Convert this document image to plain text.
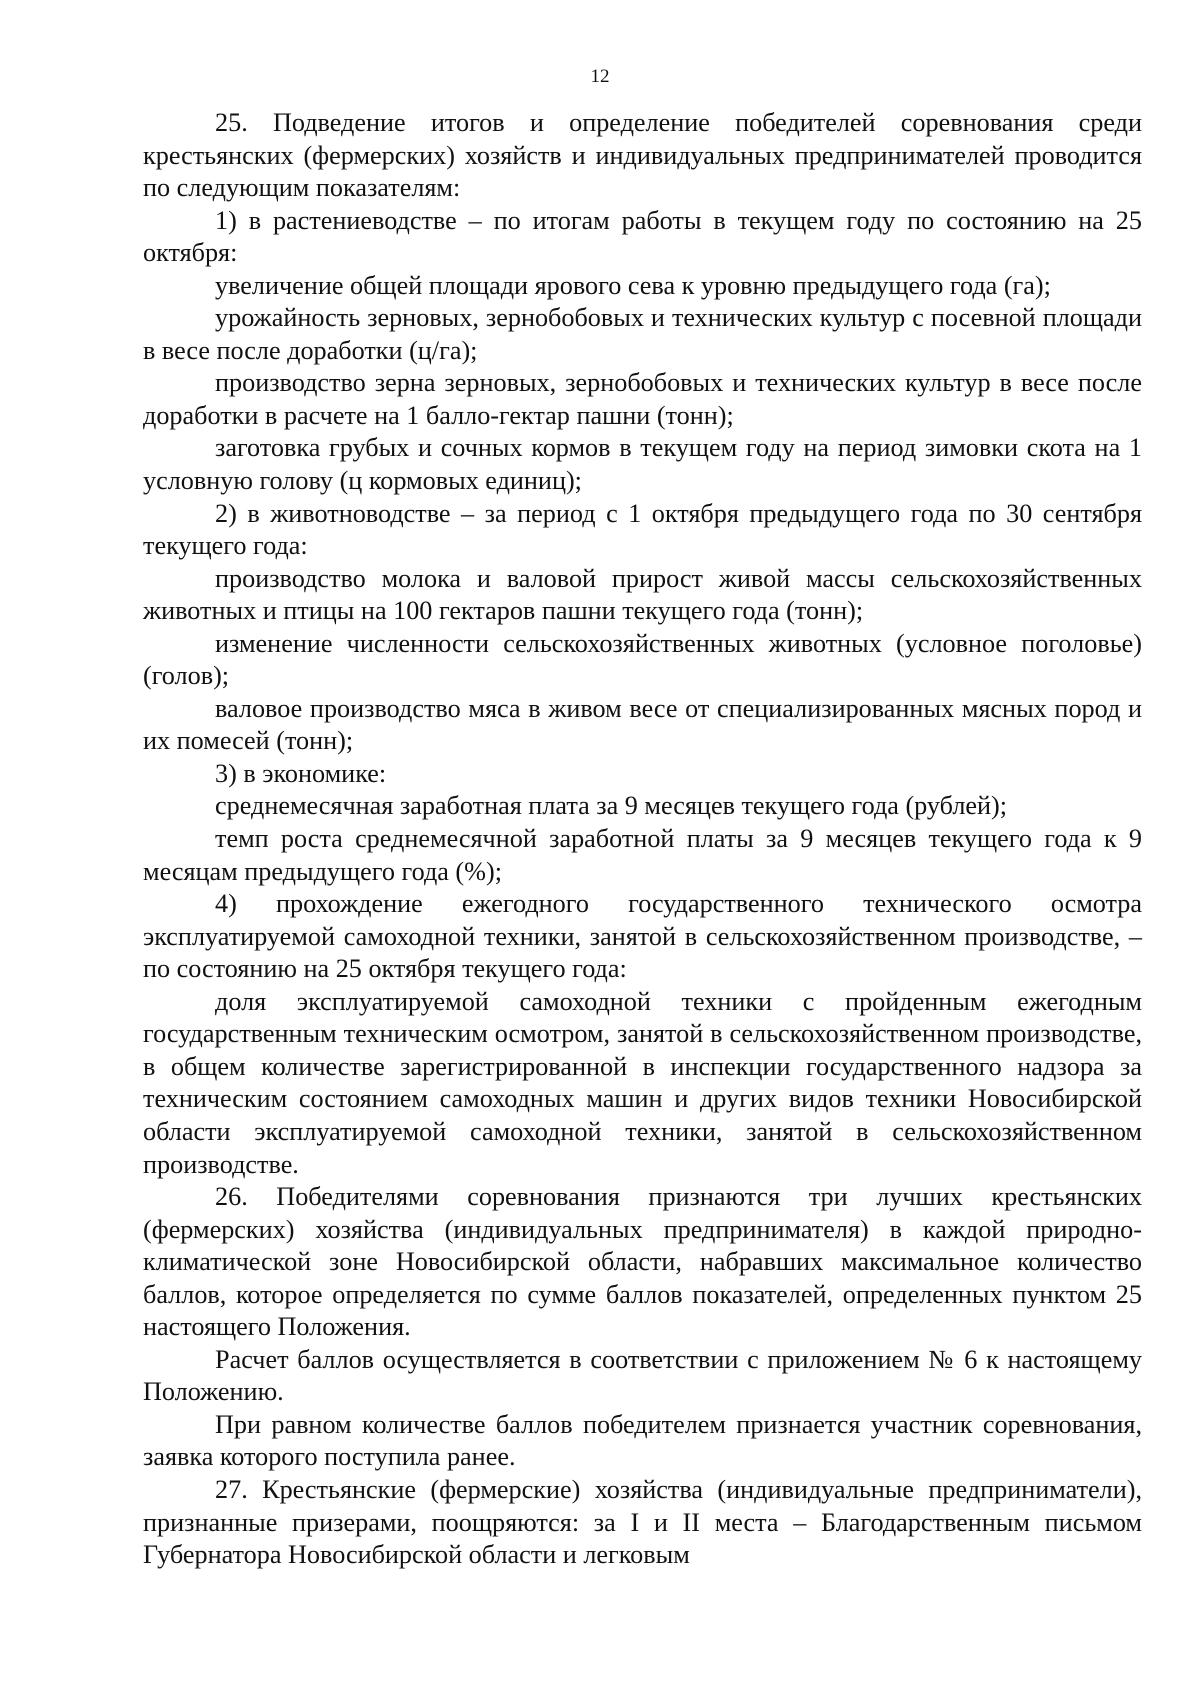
12

25. Подведение итогов и определение победителей соревнования среди крестьянских (фермерских) хозяйств и индивидуальных предпринимателей проводится по следующим показателям:

1) в растениеводстве – по итогам работы в текущем году по состоянию на 25 октября:

увеличение общей площади ярового сева к уровню предыдущего года (га);

урожайность зерновых, зернобобовых и технических культур с посевной площади в весе после доработки (ц/га);

производство зерна зерновых, зернобобовых и технических культур в весе после доработки в расчете на 1 балло-гектар пашни (тонн);

заготовка грубых и сочных кормов в текущем году на период зимовки скота на 1 условную голову (ц кормовых единиц);

2) в животноводстве – за период с 1 октября предыдущего года по 30 сентября текущего года:

производство молока и валовой прирост живой массы сельскохозяйственных животных и птицы на 100 гектаров пашни текущего года (тонн);

изменение численности сельскохозяйственных животных (условное поголовье) (голов);

валовое производство мяса в живом весе от специализированных мясных пород и их помесей (тонн);

3) в экономике:

среднемесячная заработная плата за 9 месяцев текущего года (рублей);

темп роста среднемесячной заработной платы за 9 месяцев текущего года к 9 месяцам предыдущего года (%);

4) прохождение ежегодного государственного технического осмотра эксплуатируемой самоходной техники, занятой в сельскохозяйственном производстве, – по состоянию на 25 октября текущего года:

доля эксплуатируемой самоходной техники с пройденным ежегодным государственным техническим осмотром, занятой в сельскохозяйственном производстве, в общем количестве зарегистрированной в инспекции государственного надзора за техническим состоянием самоходных машин и других видов техники Новосибирской области эксплуатируемой самоходной техники, занятой в сельскохозяйственном производстве.

26. Победителями соревнования признаются три лучших крестьянских (фермерских) хозяйства (индивидуальных предпринимателя) в каждой природно-климатической зоне Новосибирской области, набравших максимальное количество баллов, которое определяется по сумме баллов показателей, определенных пунктом 25 настоящего Положения.

Расчет баллов осуществляется в соответствии с приложением № 6 к настоящему Положению.

При равном количестве баллов победителем признается участник соревнования, заявка которого поступила ранее.

27. Крестьянские (фермерские) хозяйства (индивидуальные предприниматели), признанные призерами, поощряются: за I и II места – Благодарственным письмом Губернатора Новосибирской области и легковым
